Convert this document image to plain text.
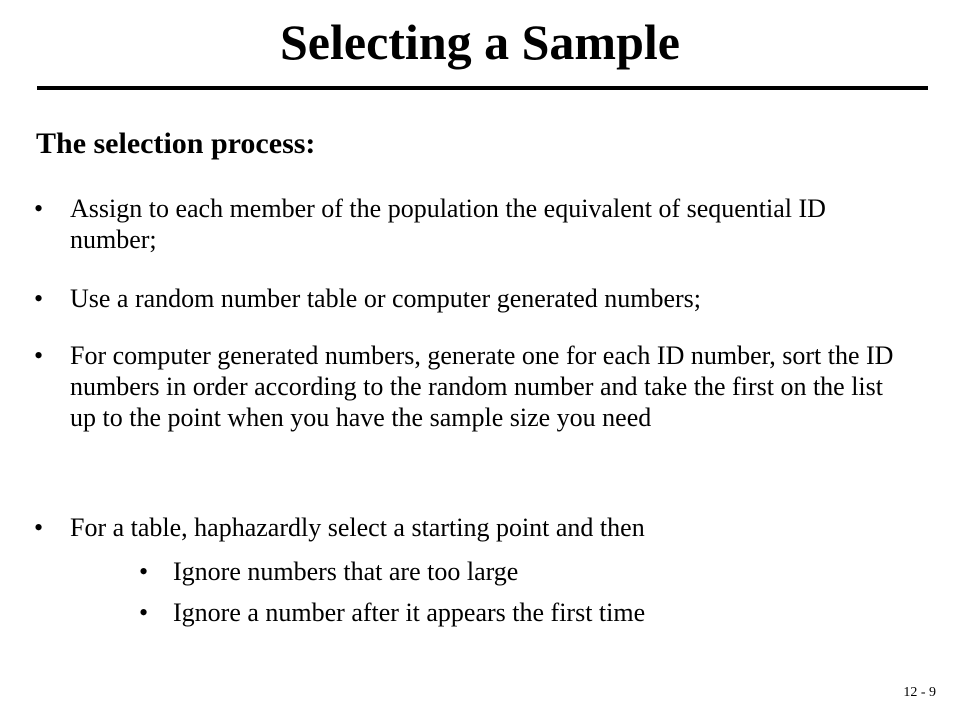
Selecting a Sample
The selection process:
•	Assign to each member of the population the equivalent of sequential ID number;
•	Use a random number table or computer generated numbers;
•	For computer generated numbers, generate one for each ID number, sort the ID numbers in order according to the random number and take the first on the list up to the point when you have the sample size you need
•	For a table, haphazardly select a starting point and then
• Ignore numbers that are too large
• Ignore a number after it appears the first time
12 - 9
